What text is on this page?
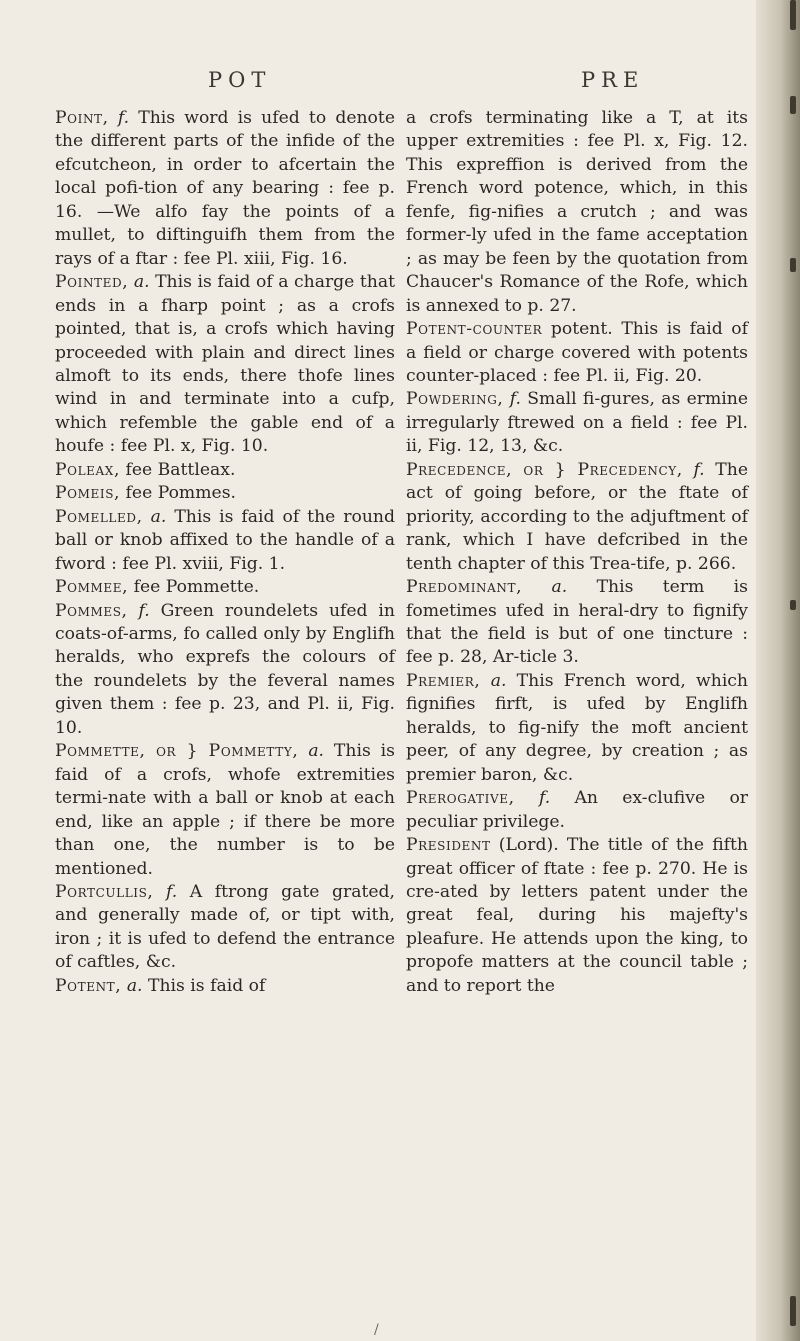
POT	PRE

Point, f. This word is ufed to denote the different parts of the infide of the efcutcheon, in order to afcertain the local pofi-tion of any bearing : fee p. 16. —We alfo fay the points of a mullet, to diftinguifh them from the rays of a ftar : fee Pl. xiii, Fig. 16.

Pointed, a. This is faid of a charge that ends in a fharp point ; as a crofs pointed, that is, a crofs which having proceeded with plain and direct lines almoft to its ends, there thofe lines wind in and terminate into a cufp, which refemble the gable end of a houfe : fee Pl. x, Fig. 10.

Poleax, fee Battleax.

Pomeis, fee Pommes.

Pomelled, a. This is faid of the round ball or knob affixed to the handle of a fword : fee Pl. xviii, Fig. 1.

Pommee, fee Pommette.

Pommes, f. Green roundelets ufed in coats-of-arms, fo called only by Englifh heralds, who exprefs the colours of the roundelets by the feveral names given them : fee p. 23, and Pl. ii, Fig. 10.

Pommette, or } Pommetty, a. This is faid of a crofs, whofe extremities termi-nate with a ball or knob at each end, like an apple ; if there be more than one, the number is to be mentioned.

Portcullis, f. A ftrong gate grated, and generally made of, or tipt with, iron ; it is ufed to defend the entrance of caftles, &c.

Potent, a. This is faid of

a crofs terminating like a T, at its upper extremities : fee Pl. x, Fig. 12. This expreffion is derived from the French word potence, which, in this fenfe, fig-nifies a crutch ; and was former-ly ufed in the fame acceptation ; as may be feen by the quotation from Chaucer's Romance of the Rofe, which is annexed to p. 27.

Potent-counter potent. This is faid of a field or charge covered with potents counter-placed : fee Pl. ii, Fig. 20.

Powdering, f. Small fi-gures, as ermine irregularly ftrewed on a field : fee Pl. ii, Fig. 12, 13, &c.

Precedence, or } Precedency, f. The act of going before, or the ftate of priority, according to the adjuftment of rank, which I have defcribed in the tenth chapter of this Trea-tife, p. 266.

Predominant, a. This term is fometimes ufed in heral-dry to fignify that the field is but of one tincture : fee p. 28, Ar-ticle 3.

Premier, a. This French word, which fignifies firft, is ufed by Englifh heralds, to fig-nify the moft ancient peer, of any degree, by creation ; as premier baron, &c.

Prerogative, f. An ex-clufive or peculiar privilege.

President (Lord). The title of the fifth great officer of ftate : fee p. 270. He is cre-ated by letters patent under the great feal, during his majefty's pleafure. He attends upon the king, to propofe matters at the council table ; and to report the

/
